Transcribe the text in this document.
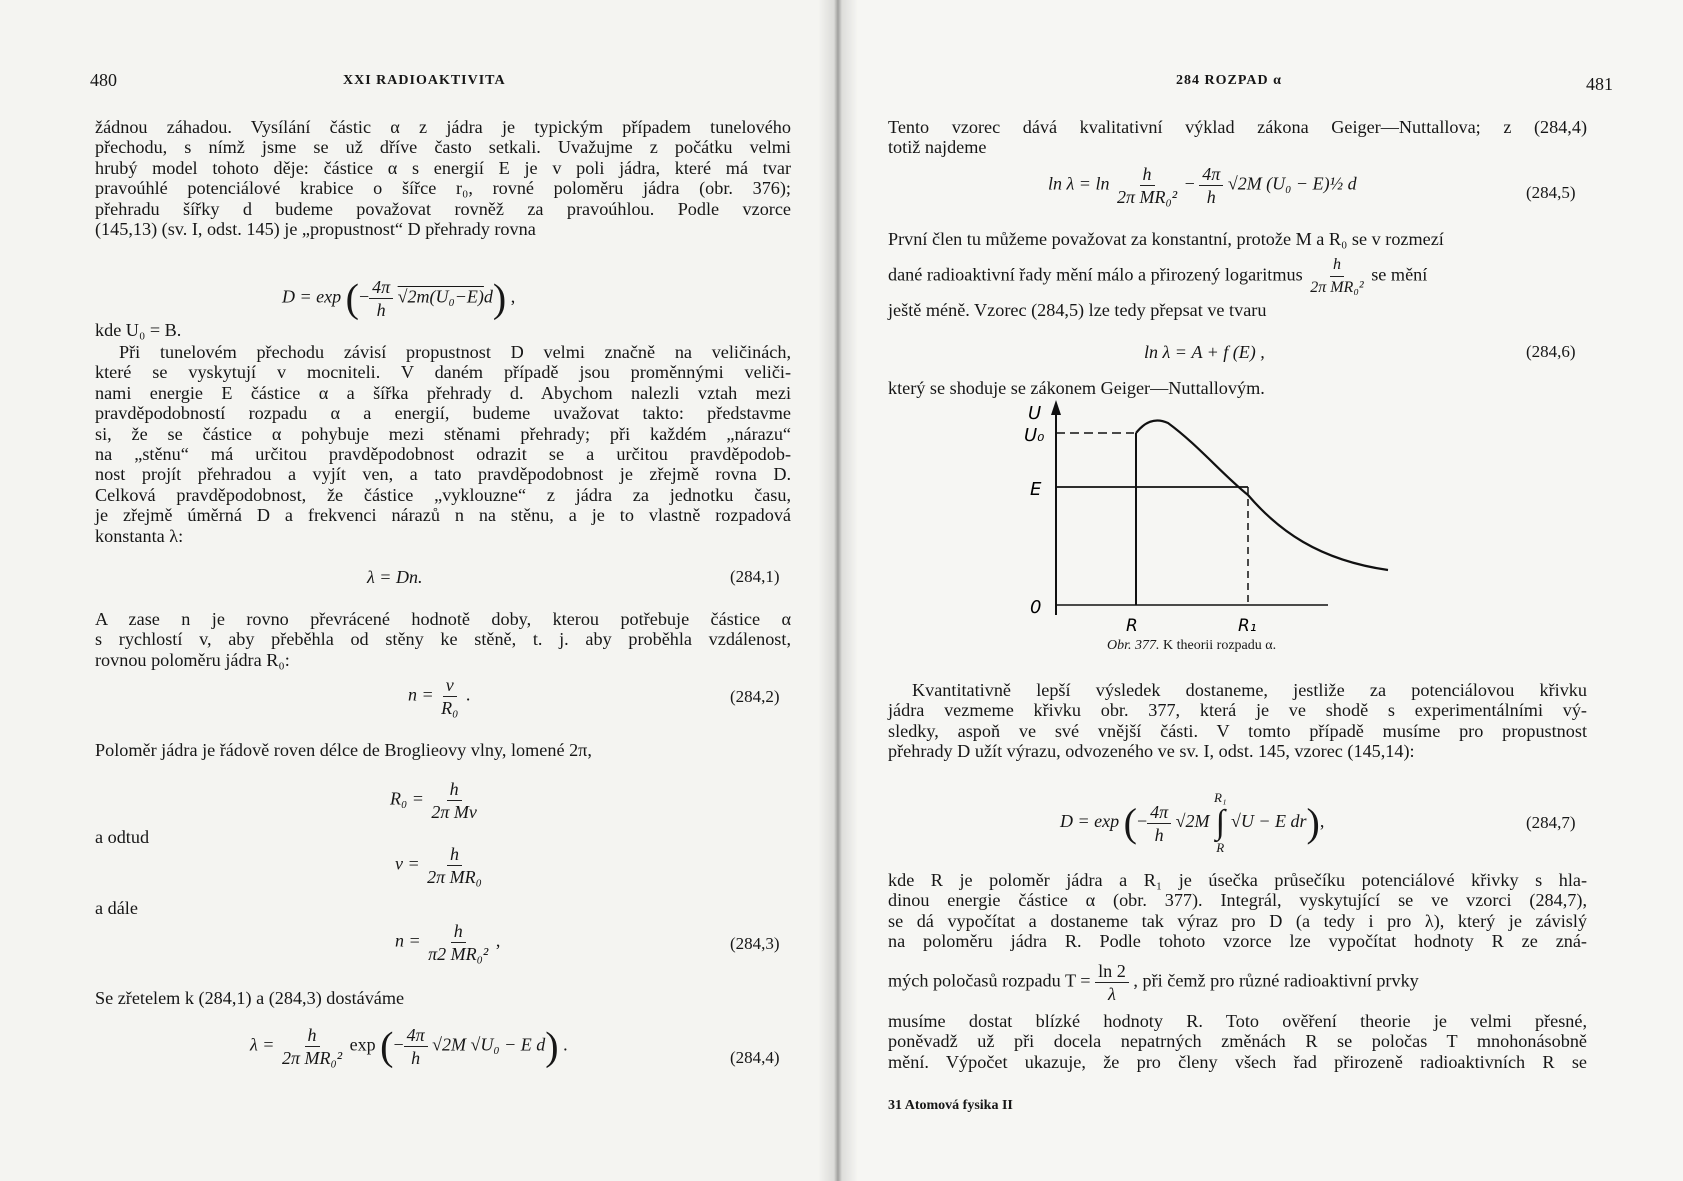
480	XXI RADIOAKTIVITA
žádnou záhadou. Vysílání částic α z jádra je typickým případem tunelového
přechodu, s nímž jsme se už dříve často setkali. Uvažujme z počátku velmi
hrubý model tohoto děje: částice α s energií E je v poli jádra, které má tvar
pravoúhlé potenciálové krabice o šířce r₀, rovné poloměru jádra (obr. 376);
přehradu šířky d budeme považovat rovněž za pravoúhlou. Podle vzorce
(145,13) (sv. I, odst. 145) je „propustnost“ D přehrady rovna
D = exp (− $\frac{4\pi}{h} √2m(U_0-E)d$) ,
kde U₀ = B.
Při tunelovém přechodu závisí propustnost D velmi značně na veličinách,
které se vyskytují v mocniteli. V daném případě jsou proměnnými veliči-
nami energie E částice α a šířka přehrady d. Abychom nalezli vztah mezi
pravděpodobností rozpadu α a energií, budeme uvažovat takto: představme
si, že se částice α pohybuje mezi stěnami přehrady; při každém „nárazu“
na „stěnu“ má určitou pravděpodobnost odrazit se a určitou pravděpodob-
nost projít přehradou a vyjít ven, a tato pravděpodobnost je zřejmě rovna D.
Celková pravděpodobnost, že částice „vyklouzne“ z jádra za jednotku času,
je zřejmě úměrná D a frekvenci nárazů n na stěnu, a je to vlastně rozpadová
konstanta λ:
λ = Dn.	(284,1)
A zase n je rovno převrácené hodnotě doby, kterou potřebuje částice α
s rychlostí v, aby přeběhla od stěny ke stěně, t. j. aby proběhla vzdálenost,
rovnou poloměru jádra R₀:
$n = \frac{v}{\text{R₀}}$ .	(284,2)
Poloměr jádra je řádově roven délce de Broglieovy vlny, lomené 2π,
$R_0 = \frac{h}{\text{2π Mv}}$
a odtud
$v = \frac{h}{\text{2π MR₀}}$
a dále
$n = \frac{h}{\text{π2 MR₀²}}$ ,	(284,3)
Se zřetelem k (284,1) a (284,3) dostáváme
$\lambda = \frac{h}{\text{2π MR₀²}}$ exp (− $\frac{4\pi}{h} √2M$ √U₀ − E d) .
(284,4)
284 ROZPAD α	481
Tento vzorec dává kvalitativní výklad zákona Geiger—Nuttallova; z (284,4)
totiž najdeme
$\ln \lambda = \ln \frac{h}{\text{2π MR₀²}} - \frac{4\pi}{h} √2M$ (U₀ − E)½ d	(284,5)
První člen tu můžeme považovat za konstantní, protože M a R₀ se v rozmezí
dané radioaktivní řady mění málo a přirozený logaritmus $\frac{h}{\text{2π MR₀²}}$ se mění
ještě méně. Vzorec (284,5) lze tedy přepsat ve tvaru
ln λ = A + f (E) ,	(284,6)
který se shoduje se zákonem Geiger—Nuttallovým.
U
U₀
E
0
R	R₁
Obr. 377. K theorii rozpadu α.
Kvantitativně lepší výsledek dostaneme, jestliže za potenciálovou křivku
jádra vezmeme křivku obr. 377, která je ve shodě s experimentálními vý-
sledky, aspoň ve své vnější části. V tomto případě musíme pro propustnost
přehrady D užít výrazu, odvozeného ve sv. I, odst. 145, vzorec (145,14):
D = exp (− $\frac{4\pi}{h} √2M$
R₁
∫
R
√U − E dr),	(284,7)
kde R je poloměr jádra a R₁ je úsečka průsečíku potenciálové křivky s hla-
dinou energie částice α (obr. 377). Integrál, vyskytující se ve vzorci (284,7),
se dá vypočítat a dostaneme tak výraz pro D (a tedy i pro λ), který je závislý
na poloměru jádra R. Podle tohoto vzorce lze vypočítat hodnoty R ze zná-
mých poločasů rozpadu $T = \frac{\ln 2}{\lambda}$ , při čemž pro různé radioaktivní prvky
musíme dostat blízké hodnoty R. Toto ověření theorie je velmi přesné,
poněvadž už při docela nepatrných změnách R se poločas T mnohonásobně
mění. Výpočet ukazuje, že pro členy všech řad přirozeně radioaktivních R se
31 Atomová fysika II
